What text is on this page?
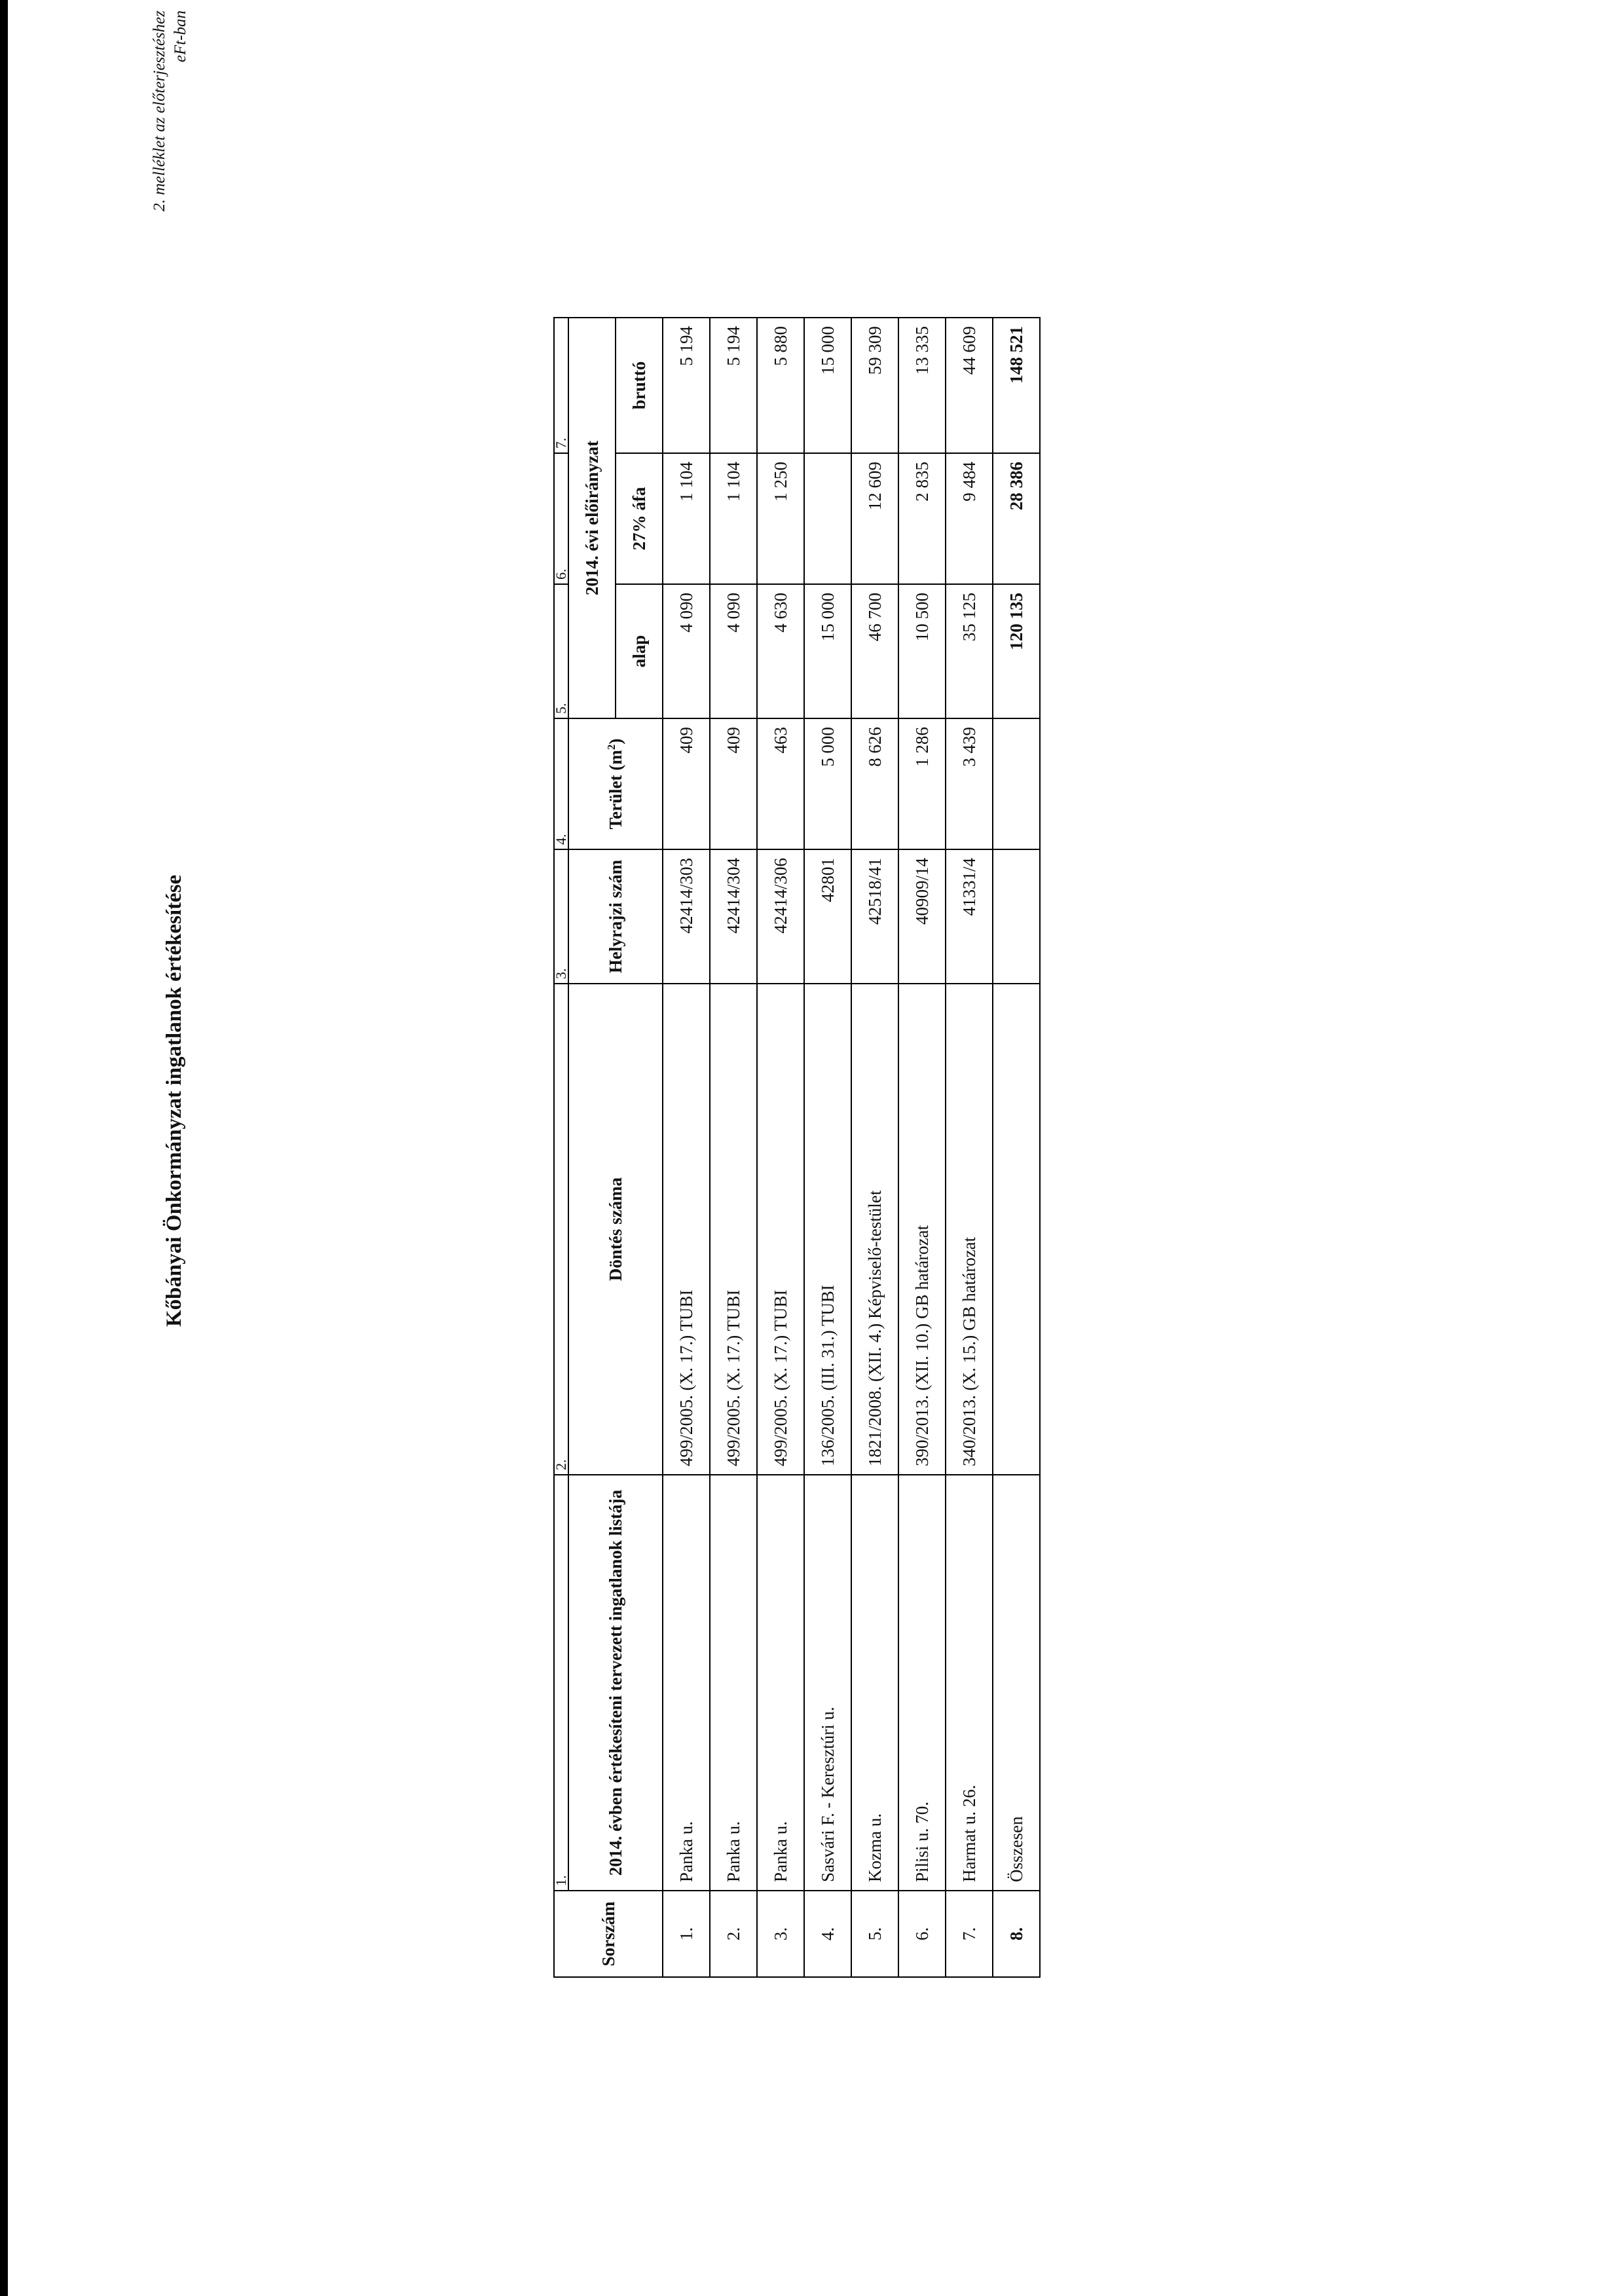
2. melléklet az előterjesztéshez eFt-ban
Kőbányai Önkormányzat ingatlanok értékesítése
Sorszám	1.	2.	3.	4.	5.	6.	7.
	2014. évben értékesíteni tervezett ingatlanok listája	Döntés száma	Helyrajzi szám	Terület $(m^2)$	2014. évi előirányzat		
					alap	27% áfa	bruttó
1.	Panka u.	499/2005. (X. 17.) TUBI	42414/303	409	4 090	1 104	5 194
2.	Panka u.	499/2005. (X. 17.) TUBI	42414/304	409	4 090	1 104	5 194
3.	Panka u.	499/2005. (X. 17.) TUBI	42414/306	463	4 630	1 250	5 880
4.	Sasvári F. - Keresztúri u.	136/2005. (III. 31.) TUBI	42801	5 000	15 000		15 000
5.	Kozma u.	1821/2008. (XII. 4.) Képviselő-testület	42518/41	8 626	46 700	12 609	59 309
6.	Pilisi u. 70.	390/2013. (XII. 10.) GB határozat	40909/14	1 286	10 500	2 835	13 335
7.	Harmat u. 26.	340/2013. (X. 15.) GB határozat	41331/4	3 439	35 125	9 484	44 609
8.	Összesen				120 135	28 386	148 521
